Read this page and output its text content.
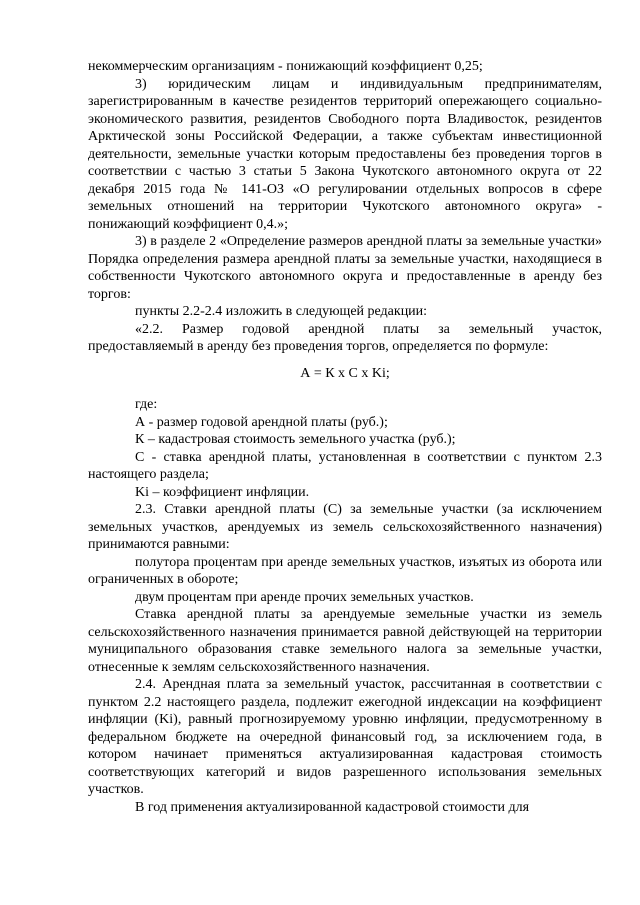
некоммерческим организациям - понижающий коэффициент 0,25;

3) юридическим лицам и индивидуальным предпринимателям, зарегистрированным в качестве резидентов территорий опережающего социально-экономического развития, резидентов Свободного порта Владивосток, резидентов Арктической зоны Российской Федерации, а также субъектам инвестиционной деятельности, земельные участки которым предоставлены без проведения торгов в соответствии с частью 3 статьи 5 Закона Чукотского автономного округа от 22 декабря 2015 года № 141-ОЗ «О регулировании отдельных вопросов в сфере земельных отношений на территории Чукотского автономного округа» - понижающий коэффициент 0,4.»;

3) в разделе 2 «Определение размеров арендной платы за земельные участки» Порядка определения размера арендной платы за земельные участки, находящиеся в собственности Чукотского автономного округа и предоставленные в аренду без торгов:

пункты 2.2-2.4 изложить в следующей редакции:

«2.2. Размер годовой арендной платы за земельный участок, предоставляемый в аренду без проведения торгов, определяется по формуле:

А = К х С х Ki;

где:

А - размер годовой арендной платы (руб.);

К – кадастровая стоимость земельного участка (руб.);

С - ставка арендной платы, установленная в соответствии с пунктом 2.3 настоящего раздела;

Ki – коэффициент инфляции.

2.3. Ставки арендной платы (С) за земельные участки (за исключением земельных участков, арендуемых из земель сельскохозяйственного назначения) принимаются равными:

полутора процентам при аренде земельных участков, изъятых из оборота или ограниченных в обороте;

двум процентам при аренде прочих земельных участков.

Ставка арендной платы за арендуемые земельные участки из земель сельскохозяйственного назначения принимается равной действующей на территории муниципального образования ставке земельного налога за земельные участки, отнесенные к землям сельскохозяйственного назначения.

2.4. Арендная плата за земельный участок, рассчитанная в соответствии с пунктом 2.2 настоящего раздела, подлежит ежегодной индексации на коэффициент инфляции (Ki), равный прогнозируемому уровню инфляции, предусмотренному в федеральном бюджете на очередной финансовый год, за исключением года, в котором начинает применяться актуализированная кадастровая стоимость соответствующих категорий и видов разрешенного использования земельных участков.

В год применения актуализированной кадастровой стоимости для
